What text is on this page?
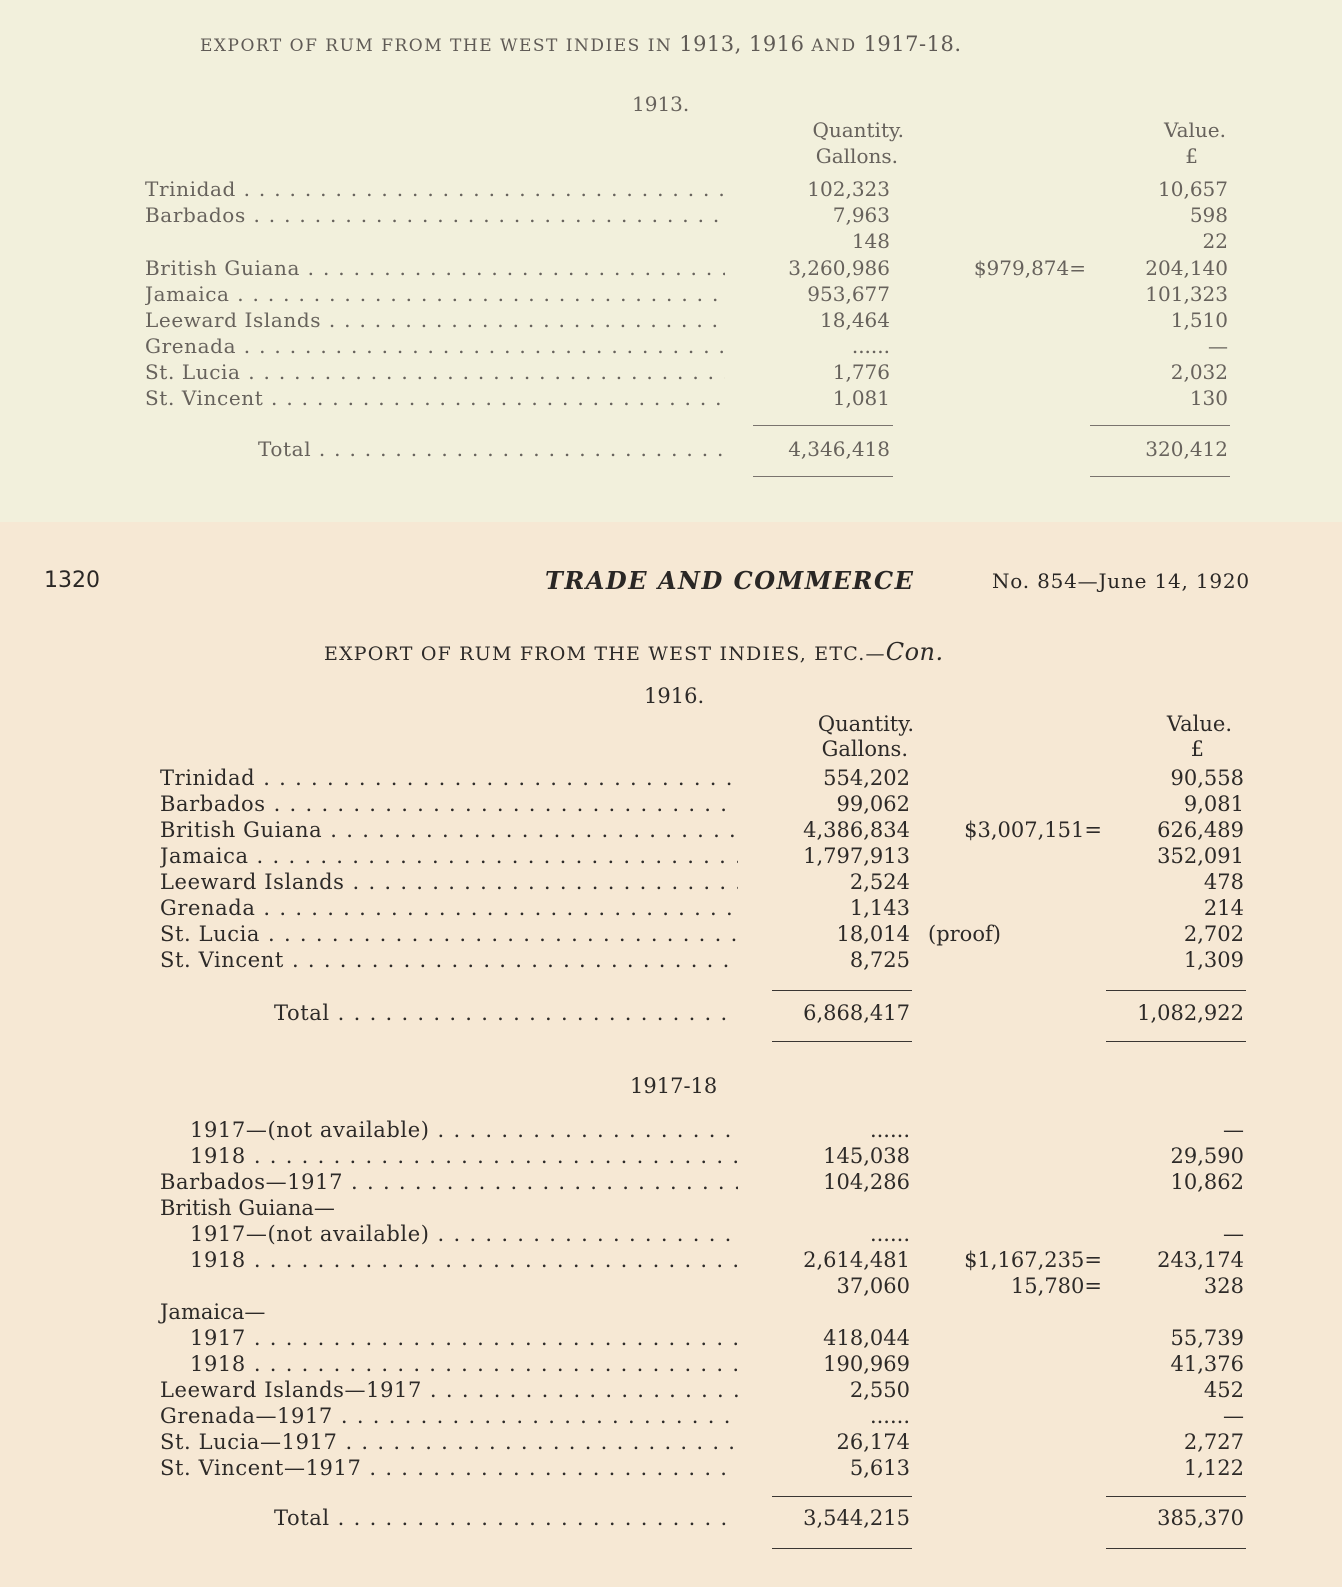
EXPORT OF RUM FROM THE WEST INDIES IN 1913, 1916 AND 1917-18.
1913.
Quantity.
Gallons.
Value.
£
Trinidad . . .	102,323	10,657
Barbados . . .	7,963	598
148	22
British Guiana . . .	3,260,986	$979,874=	204,140
Jamaica . . .	953,677	101,323
Leeward Islands . . .	18,464	1,510
Grenada . . .	......	—
St. Lucia . . .	1,776	2,032
St. Vincent . . .	1,081	130
Total . . .	4,346,418	320,412
1320	TRADE AND COMMERCE	No. 854—June 14, 1920
EXPORT OF RUM FROM THE WEST INDIES, ETC.—Con.
1916.
Quantity.
Gallons.
Value.
£
Trinidad . . .	554,202	90,558
Barbados . . .	99,062	9,081
British Guiana . . .	4,386,834	$3,007,151=	626,489
Jamaica . . .	1,797,913	352,091
Leeward Islands . . .	2,524	478
Grenada . . .	1,143	214
St. Lucia . . .	18,014 (proof)	2,702
St. Vincent . . .	8,725	1,309
Total . . .	6,868,417	1,082,922
1917-18
1917—(not available) . . .	......	—
1918 . . .	145,038	29,590
Barbados—1917 . . .	104,286	10,862
British Guiana—
1917—(not available) . . .	......	—
1918 . . .	2,614,481	$1,167,235=	243,174
37,060	15,780=	328
Jamaica—
1917 . . .	418,044	55,739
1918 . . .	190,969	41,376
Leeward Islands—1917 . . .	2,550	452
Grenada—1917 . . .	......	—
St. Lucia—1917 . . .	26,174	2,727
St. Vincent—1917 . . .	5,613	1,122
Total . . .	3,544,215	385,370
